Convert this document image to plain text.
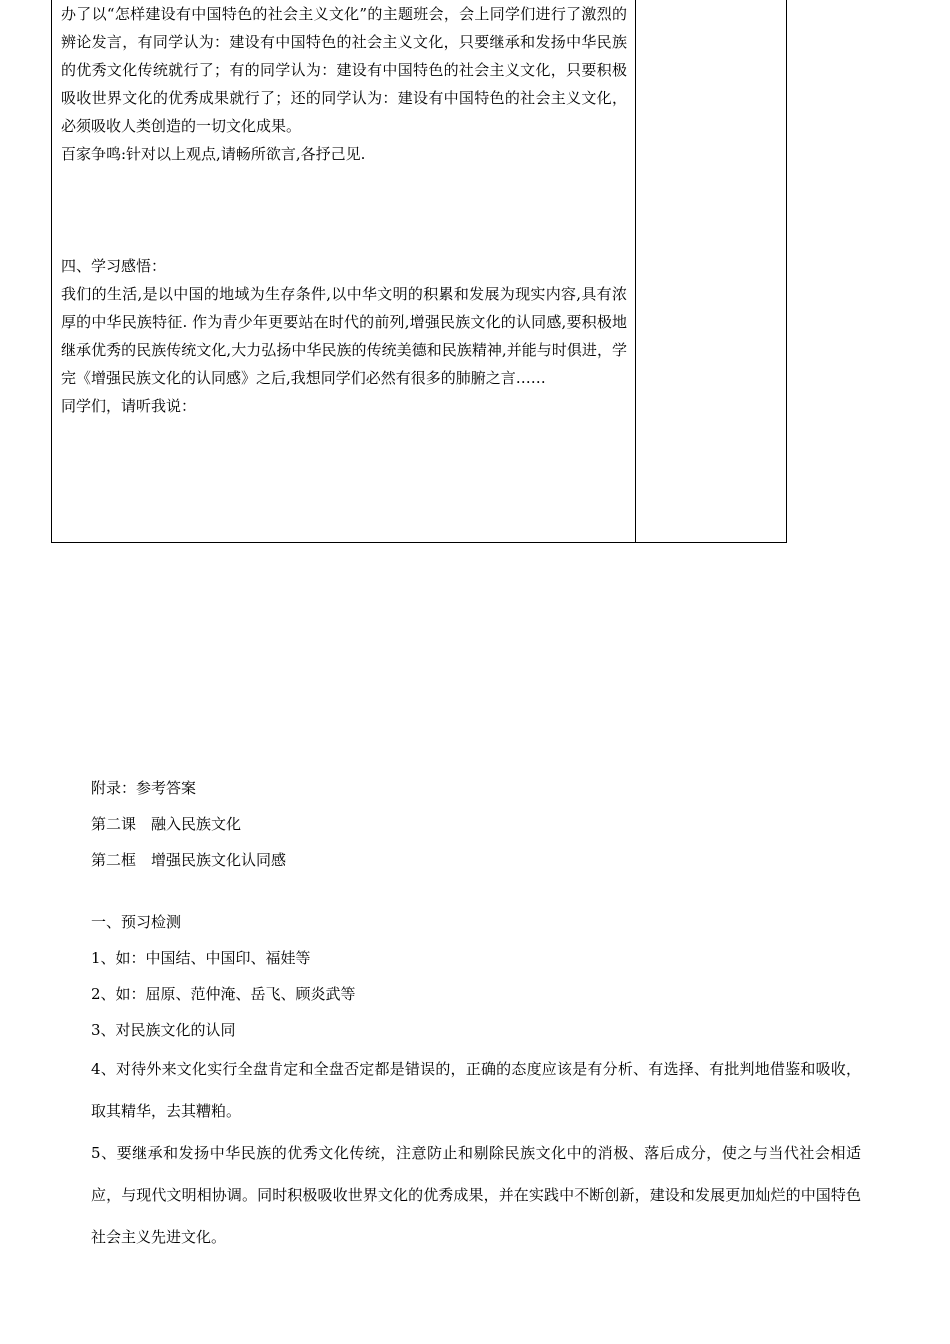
办了以“怎样建设有中国特色的社会主义文化”的主题班会，会上同学们进行了激烈的辨论发言，有同学认为：建设有中国特色的社会主义文化，只要继承和发扬中华民族的优秀文化传统就行了；有的同学认为：建设有中国特色的社会主义文化，只要积极吸收世界文化的优秀成果就行了；还的同学认为：建设有中国特色的社会主义文化，必须吸收人类创造的一切文化成果。

百家争鸣:针对以上观点,请畅所欲言,各抒己见.

四、学习感悟：

我们的生活,是以中国的地域为生存条件,以中华文明的积累和发展为现实内容,具有浓厚的中华民族特征. 作为青少年更要站在时代的前列,增强民族文化的认同感,要积极地继承优秀的民族传统文化,大力弘扬中华民族的传统美德和民族精神,并能与时俱进，学完《增强民族文化的认同感》之后,我想同学们必然有很多的肺腑之言……

同学们，请听我说：

附录：参考答案

第二课　融入民族文化

第二框　增强民族文化认同感

一、预习检测

1、如：中国结、中国印、福娃等

2、如：屈原、范仲淹、岳飞、顾炎武等

3、对民族文化的认同

4、对待外来文化实行全盘肯定和全盘否定都是错误的，正确的态度应该是有分析、有选择、有批判地借鉴和吸收，取其精华，去其糟粕。

5、要继承和发扬中华民族的优秀文化传统，注意防止和剔除民族文化中的消极、落后成分，使之与当代社会相适应，与现代文明相协调。同时积极吸收世界文化的优秀成果，并在实践中不断创新，建设和发展更加灿烂的中国特色社会主义先进文化。
